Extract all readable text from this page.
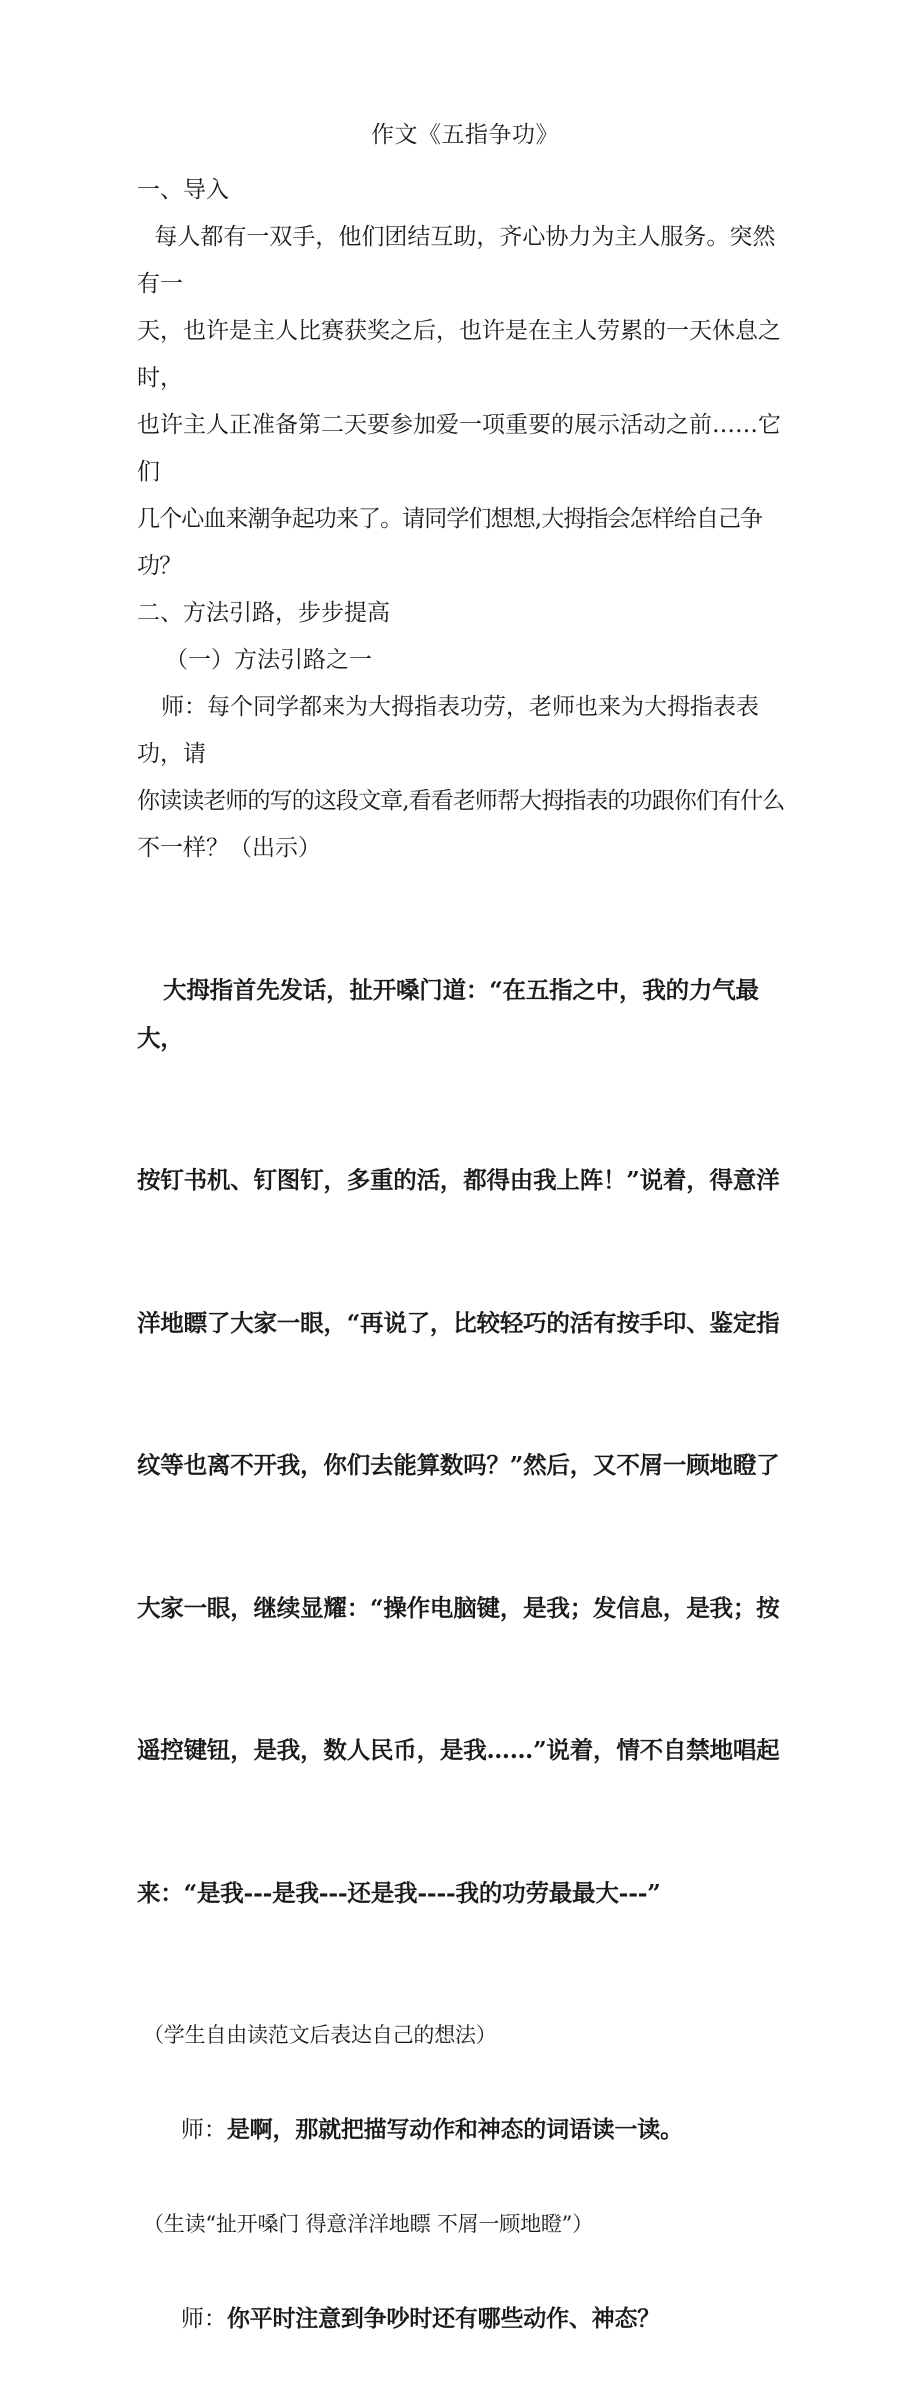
作文《五指争功》
一、导入
每人都有一双手，他们团结互助，齐心协力为主人服务。突然有一
天，也许是主人比赛获奖之后，也许是在主人劳累的一天休息之时，
也许主人正准备第二天要参加爱一项重要的展示活动之前……它们
几个心血来潮争起功来了。请同学们想想,大拇指会怎样给自己争功？
二、方法引路，步步提高
（一）方法引路之一
师：每个同学都来为大拇指表功劳，老师也来为大拇指表表功，请
你读读老师的写的这段文章,看看老师帮大拇指表的功跟你们有什么
不一样？（出示）

大拇指首先发话，扯开嗓门道：“在五指之中，我的力气最大，

按钉书机、钉图钉，多重的活，都得由我上阵！”说着，得意洋

洋地瞟了大家一眼，“再说了，比较轻巧的活有按手印、鉴定指

纹等也离不开我，你们去能算数吗？”然后，又不屑一顾地瞪了

大家一眼，继续显耀：“操作电脑键，是我；发信息，是我；按

遥控键钮，是我，数人民币，是我……”说着，情不自禁地唱起

来：“是我---是我---还是我----我的功劳最最大---”

（学生自由读范文后表达自己的想法）

师：是啊，那就把描写动作和神态的词语读一读。

（生读“扯开嗓门 得意洋洋地瞟 不屑一顾地瞪”）

师：你平时注意到争吵时还有哪些动作、神态？
